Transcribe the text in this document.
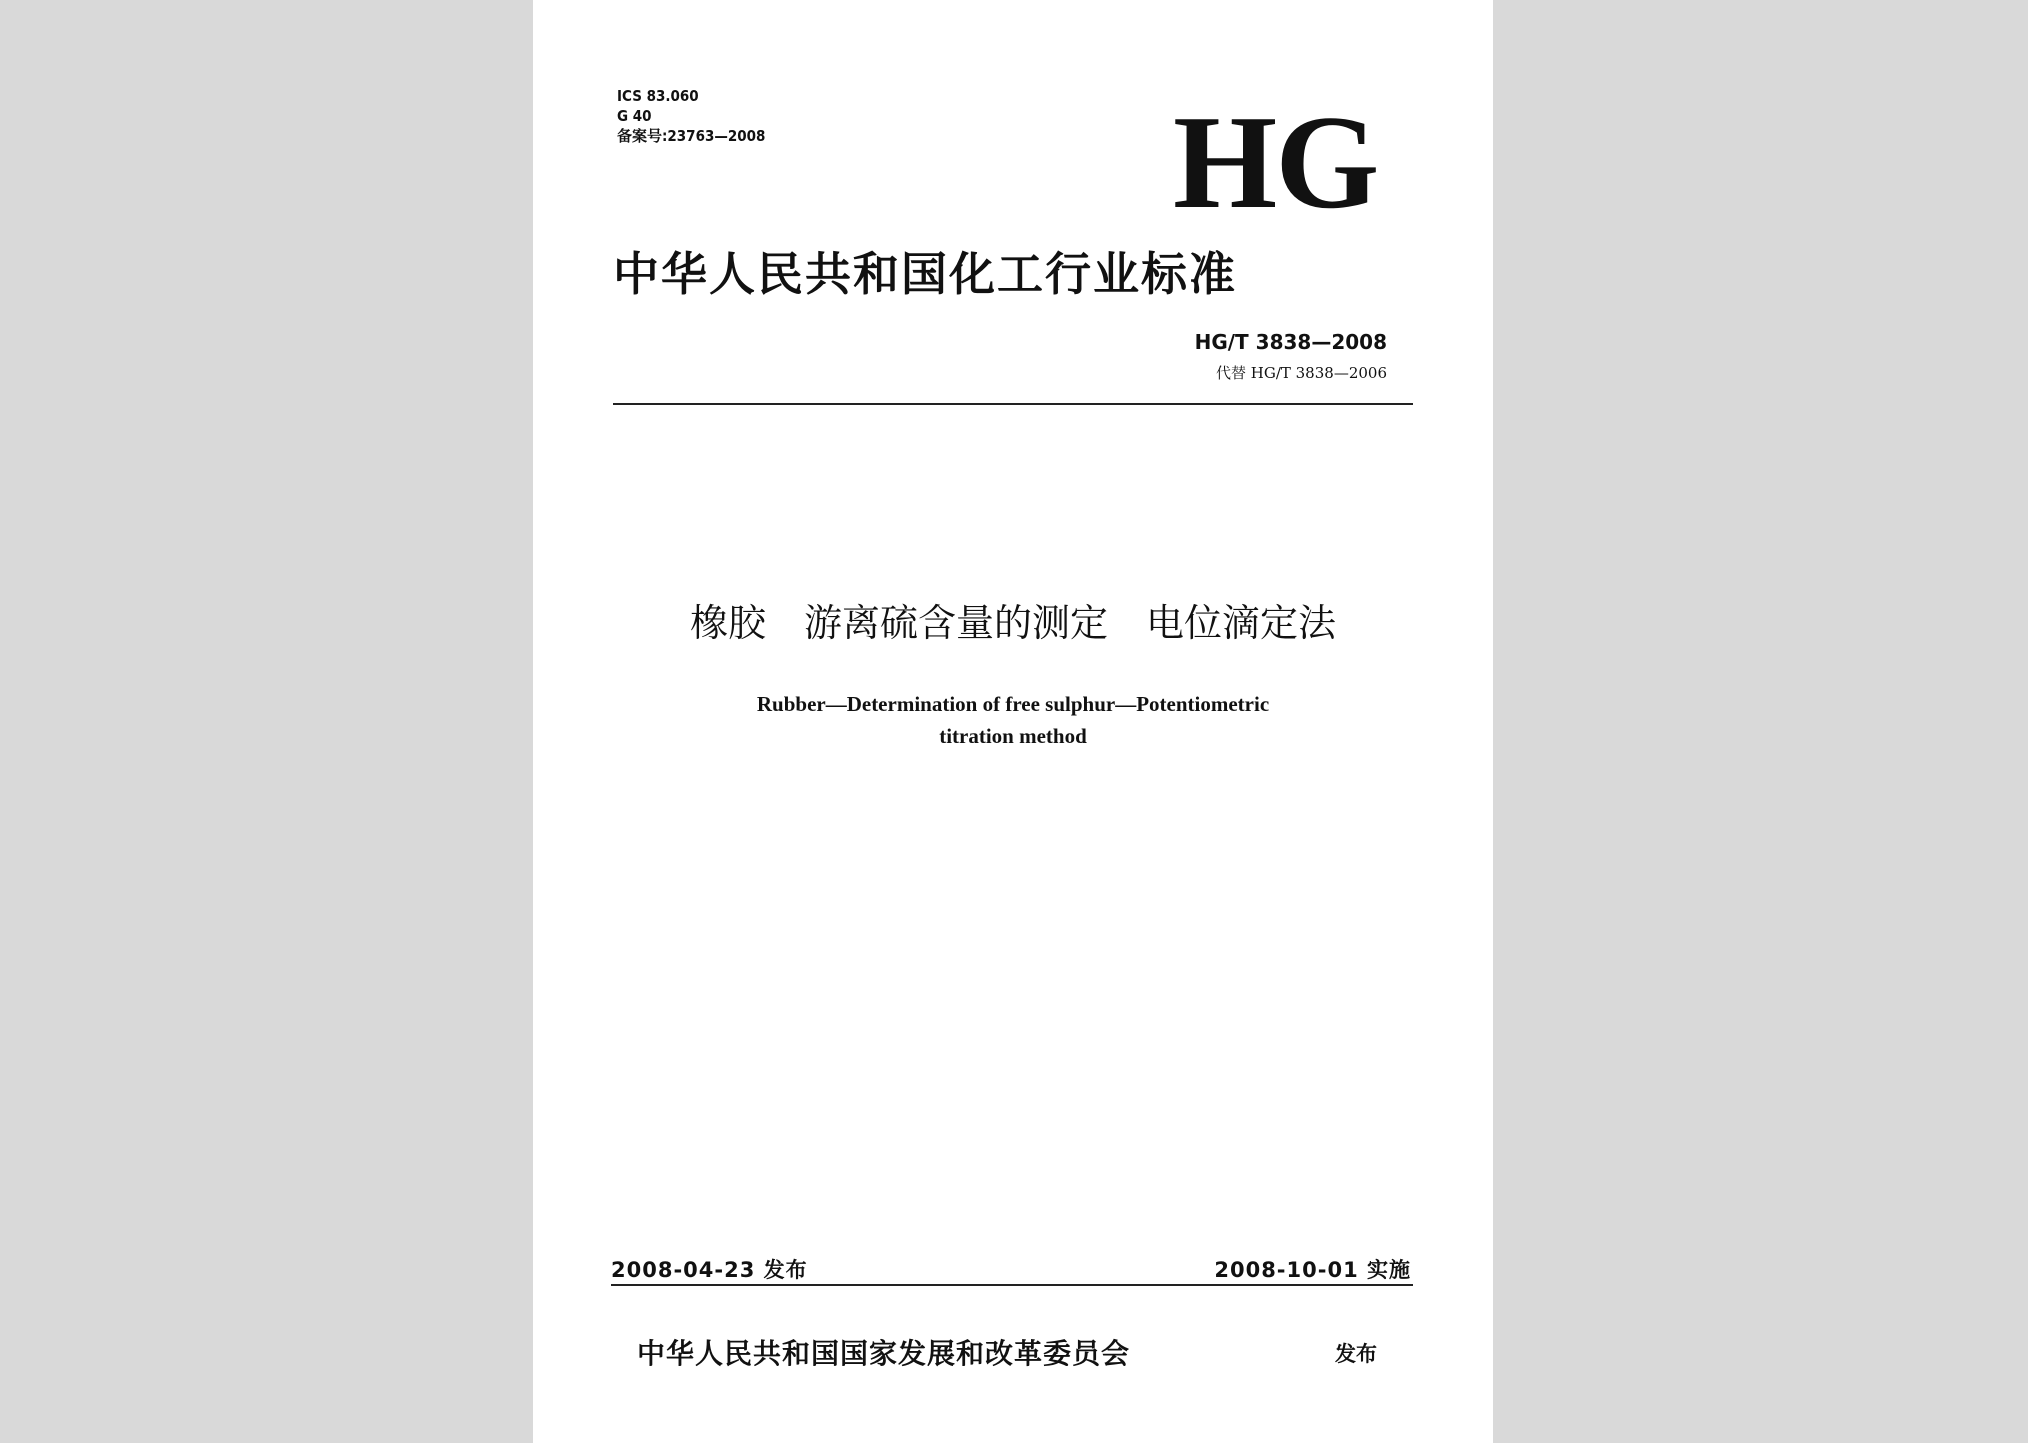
ICS 83.060
G 40
备案号:23763—2008	HG
中华人民共和国化工行业标准
HG/T 3838—2008
代替 HG/T 3838—2006
橡胶　游离硫含量的测定　电位滴定法
Rubber—Determination of free sulphur—Potentiometric
titration method
2008-04-23 发布	2008-10-01 实施
中华人民共和国国家发展和改革委员会	发布
